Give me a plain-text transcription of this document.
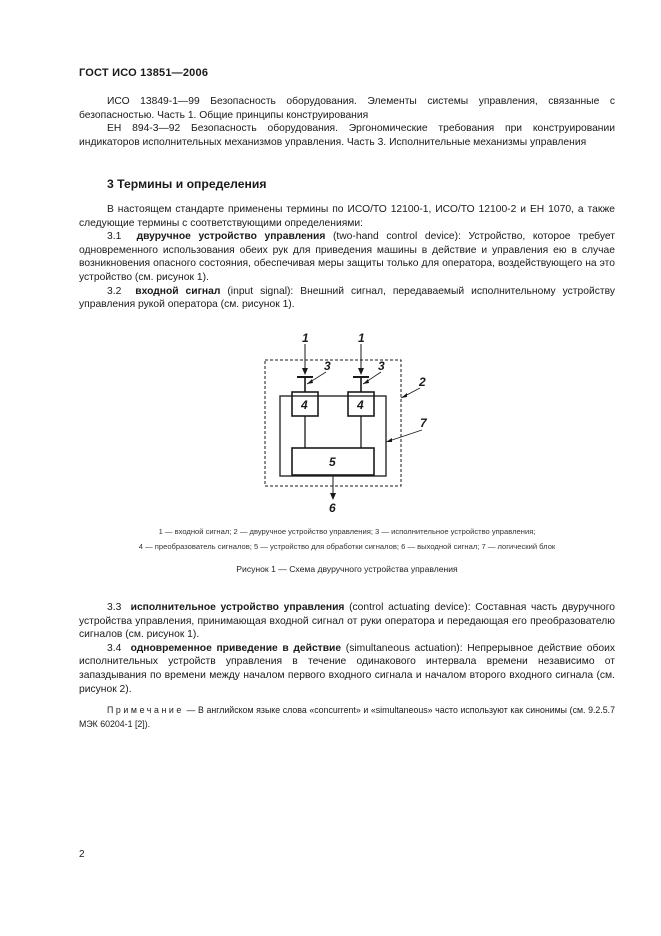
ГОСТ ИСО 13851—2006

ИСО 13849-1—99 Безопасность оборудования. Элементы системы управления, связанные с безопасностью. Часть 1. Общие принципы конструирования

ЕН 894-3—92 Безопасность оборудования. Эргономические требования при конструировании индикаторов исполнительных механизмов управления. Часть 3. Исполнительные механизмы управления

3 Термины и определения

В настоящем стандарте применены термины по ИСО/ТО 12100-1, ИСО/ТО 12100-2 и ЕН 1070, а также следующие термины с соответствующими определениями:

3.1 двуручное устройство управления (two-hand control device): Устройство, которое требует одновременного использования обеих рук для приведения машины в действие и управления ею в случае возникновения опасного состояния, обеспечивая меры защиты только для оператора, воздействующего на это устройство (см. рисунок 1).

3.2 входной сигнал (input signal): Внешний сигнал, передаваемый исполнительному устройству управления рукой оператора (см. рисунок 1).

1	1
3	3
2
7
4	4
5
6
1 — входной сигнал; 2 — двуручное устройство управления; 3 — исполнительное устройство управления;
4 — преобразователь сигналов; 5 — устройство для обработки сигналов; 6 — выходной сигнал; 7 — логический блок
Рисунок 1 — Схема двуручного устройства управления

3.3 исполнительное устройство управления (control actuating device): Составная часть двуручного устройства управления, принимающая входной сигнал от руки оператора и передающая его преобразователю сигналов (см. рисунок 1).

3.4 одновременное приведение в действие (simultaneous actuation): Непрерывное действие обоих исполнительных устройств управления в течение одинакового интервала времени независимо от запаздывания по времени между началом первого входного сигнала и началом второго входного сигнала (см. рисунок 2).

Примечание — В английском языке слова «concurrent» и «simultaneous» часто используют как синонимы (см. 9.2.5.7 МЭК 60204-1 [2]).
2
